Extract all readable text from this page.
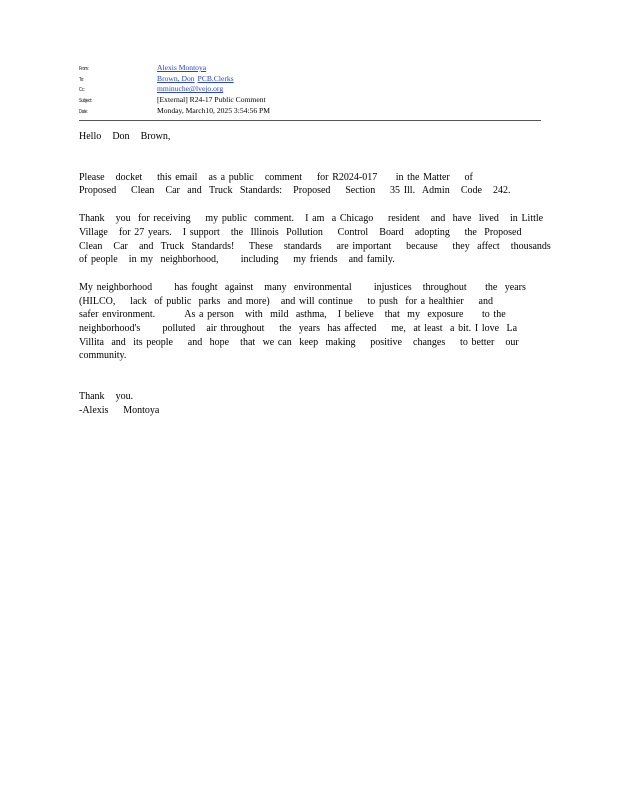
From:	Alexis Montoya
To:	Brown, Don PCB.Clerks
Cc:	mminuche@lvejo.org
Subject:	[External] R24-17 Public Comment
Date:	Monday, March10, 2025 3:54:56 PM
Hello   Don   Brown,
Please   docket    this email   as a public   comment    for R2024-017     in the Matter    of
Proposed    Clean   Car  and  Truck  Standards:   Proposed    Section    35 Ill.  Admin   Code   242.
Thank   you  for receiving    my public  comment.   I am  a Chicago    resident   and  have  lived   in Little
Village   for 27 years.   I support   the  Illinois  Pollution    Control   Board   adopting    the  Proposed
Clean   Car   and  Truck  Standards!    These   standards    are important    because    they  affect   thousands
of people   in my  neighborhood,      including    my friends   and family.
My neighborhood      has fought  against   many  environmental      injustices   throughout     the  years
(HILCO,    lack  of public  parks  and more)   and will continue    to push  for a healthier    and
safer environment.        As a person   with  mild  asthma,   I believe   that  my  exposure     to the
neighborhood's      polluted   air throughout    the  years  has affected    me,  at least  a bit. I love  La
Villita  and  its people    and  hope   that  we can  keep  making    positive   changes    to better   our
community.
Thank   you.
-Alexis    Montoya
